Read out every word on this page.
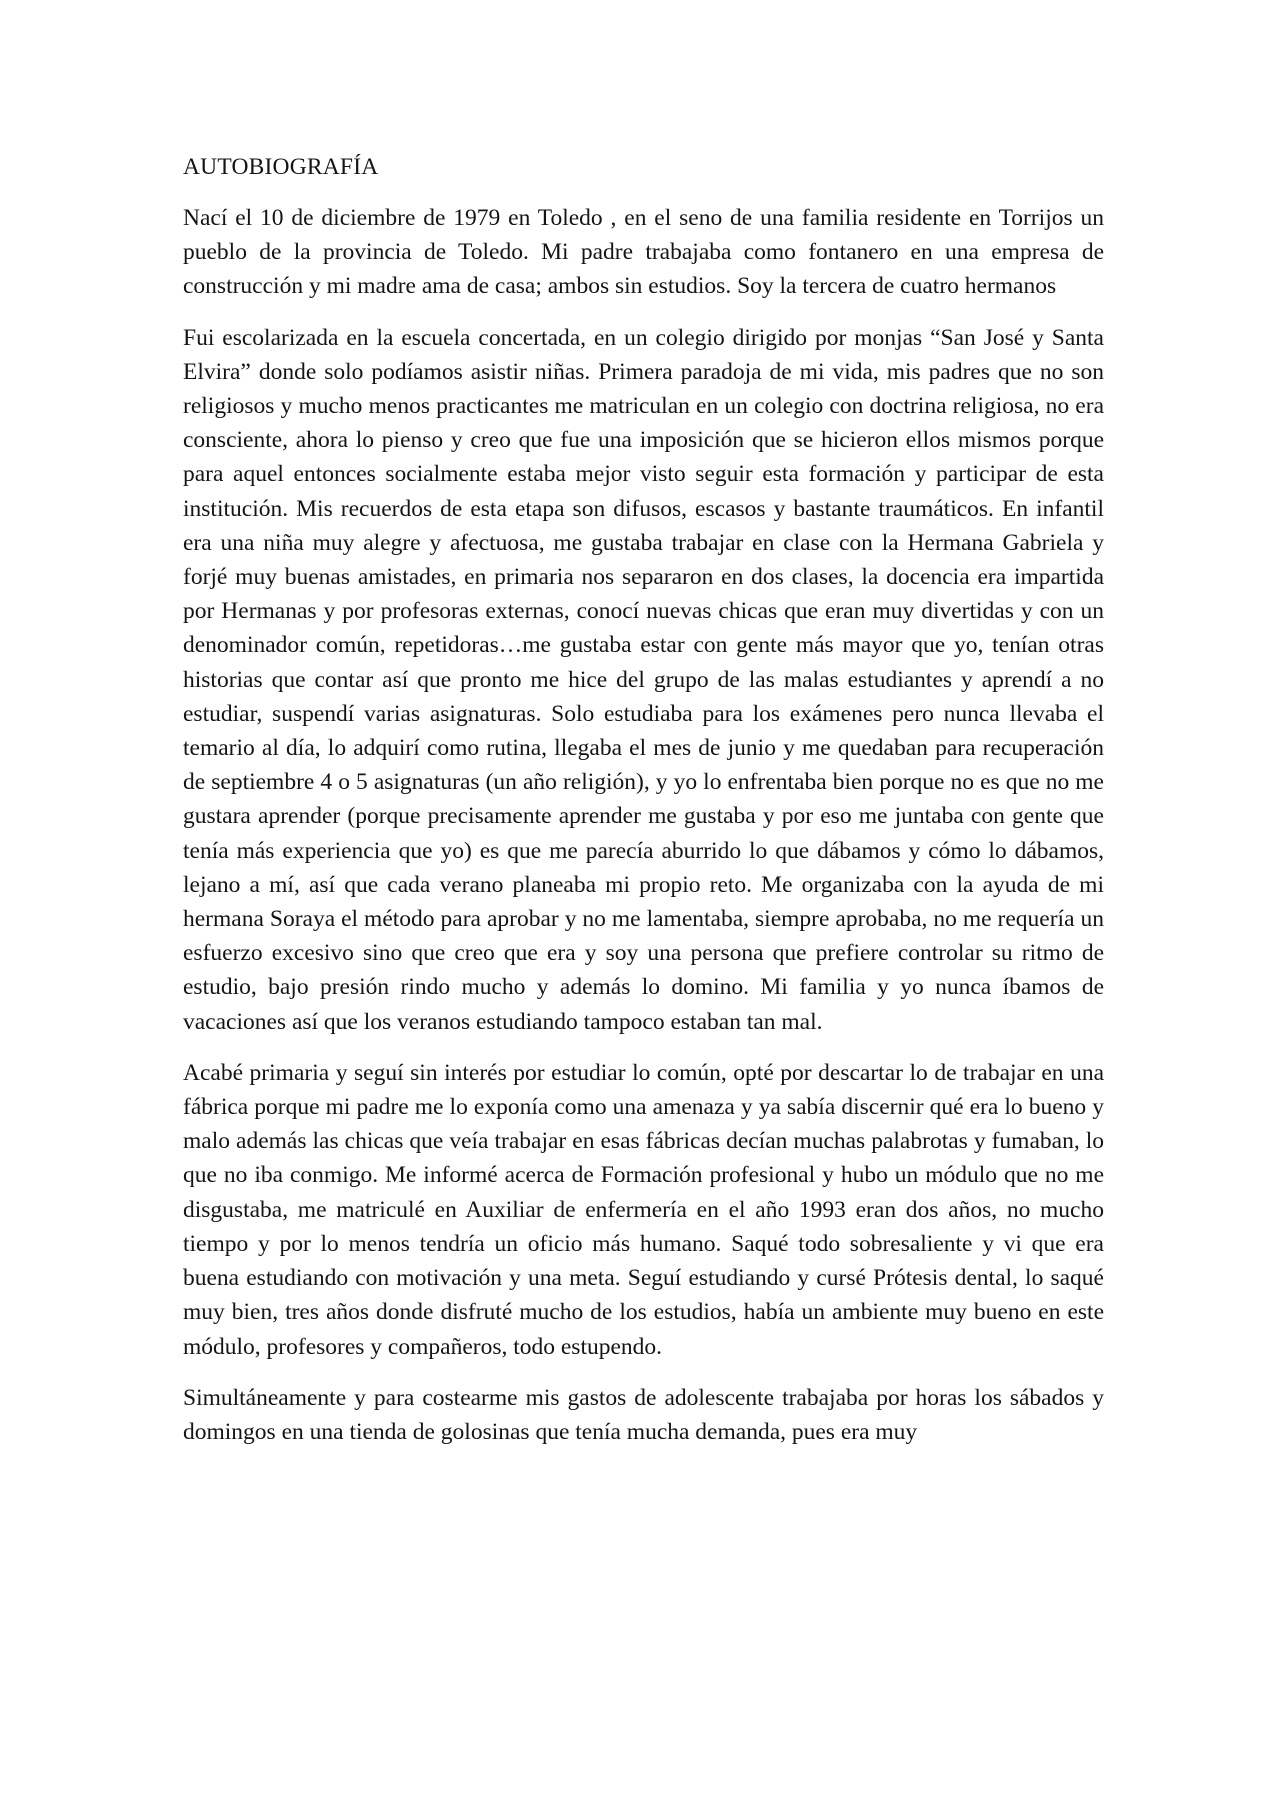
AUTOBIOGRAFÍA

Nací el 10 de diciembre de 1979 en Toledo , en el seno de una familia residente en Torrijos un pueblo de la provincia de Toledo. Mi padre trabajaba como fontanero en una empresa de construcción y mi madre ama de casa; ambos sin estudios. Soy la tercera de cuatro hermanos

Fui escolarizada en la escuela concertada, en un colegio dirigido por monjas “San José y Santa Elvira” donde solo podíamos asistir niñas. Primera paradoja de mi vida, mis padres que no son religiosos y mucho menos practicantes me matriculan en un colegio con doctrina religiosa, no era consciente, ahora lo pienso y creo que fue una imposición que se hicieron ellos mismos porque para aquel entonces socialmente estaba mejor visto seguir esta formación y participar de esta institución. Mis recuerdos de esta etapa son difusos, escasos y bastante traumáticos. En infantil era una niña muy alegre y afectuosa, me gustaba trabajar en clase con la Hermana Gabriela y forjé muy buenas amistades, en primaria nos separaron en dos clases, la docencia era impartida por Hermanas y por profesoras externas, conocí nuevas chicas que eran muy divertidas y con un denominador común, repetidoras…me gustaba estar con gente más mayor que yo, tenían otras historias que contar así que pronto me hice del grupo de las malas estudiantes y aprendí a no estudiar, suspendí varias asignaturas. Solo estudiaba para los exámenes pero nunca llevaba el temario al día, lo adquirí como rutina, llegaba el mes de junio y me quedaban para recuperación de septiembre 4 o 5 asignaturas (un año religión), y yo lo enfrentaba bien porque no es que no me gustara aprender (porque precisamente aprender me gustaba y por eso me juntaba con gente que tenía más experiencia que yo) es que me parecía aburrido lo que dábamos y cómo lo dábamos, lejano a mí, así que cada verano planeaba mi propio reto. Me organizaba con la ayuda de mi hermana Soraya el método para aprobar y no me lamentaba, siempre aprobaba, no me requería un esfuerzo excesivo sino que creo que era y soy una persona que prefiere controlar su ritmo de estudio, bajo presión rindo mucho y además lo domino. Mi familia y yo nunca íbamos de vacaciones así que los veranos estudiando tampoco estaban tan mal.

Acabé primaria y seguí sin interés por estudiar lo común, opté por descartar lo de trabajar en una fábrica porque mi padre me lo exponía como una amenaza y ya sabía discernir qué era lo bueno y malo además las chicas que veía trabajar en esas fábricas decían muchas palabrotas y fumaban, lo que no iba conmigo. Me informé acerca de Formación profesional y hubo un módulo que no me disgustaba, me matriculé en Auxiliar de enfermería en el año 1993 eran dos años, no mucho tiempo y por lo menos tendría un oficio más humano. Saqué todo sobresaliente y vi que era buena estudiando con motivación y una meta. Seguí estudiando y cursé Prótesis dental, lo saqué muy bien, tres años donde disfruté mucho de los estudios, había un ambiente muy bueno en este módulo, profesores y compañeros, todo estupendo.

Simultáneamente y para costearme mis gastos de adolescente trabajaba por horas los sábados y domingos en una tienda de golosinas que tenía mucha demanda, pues era muy
